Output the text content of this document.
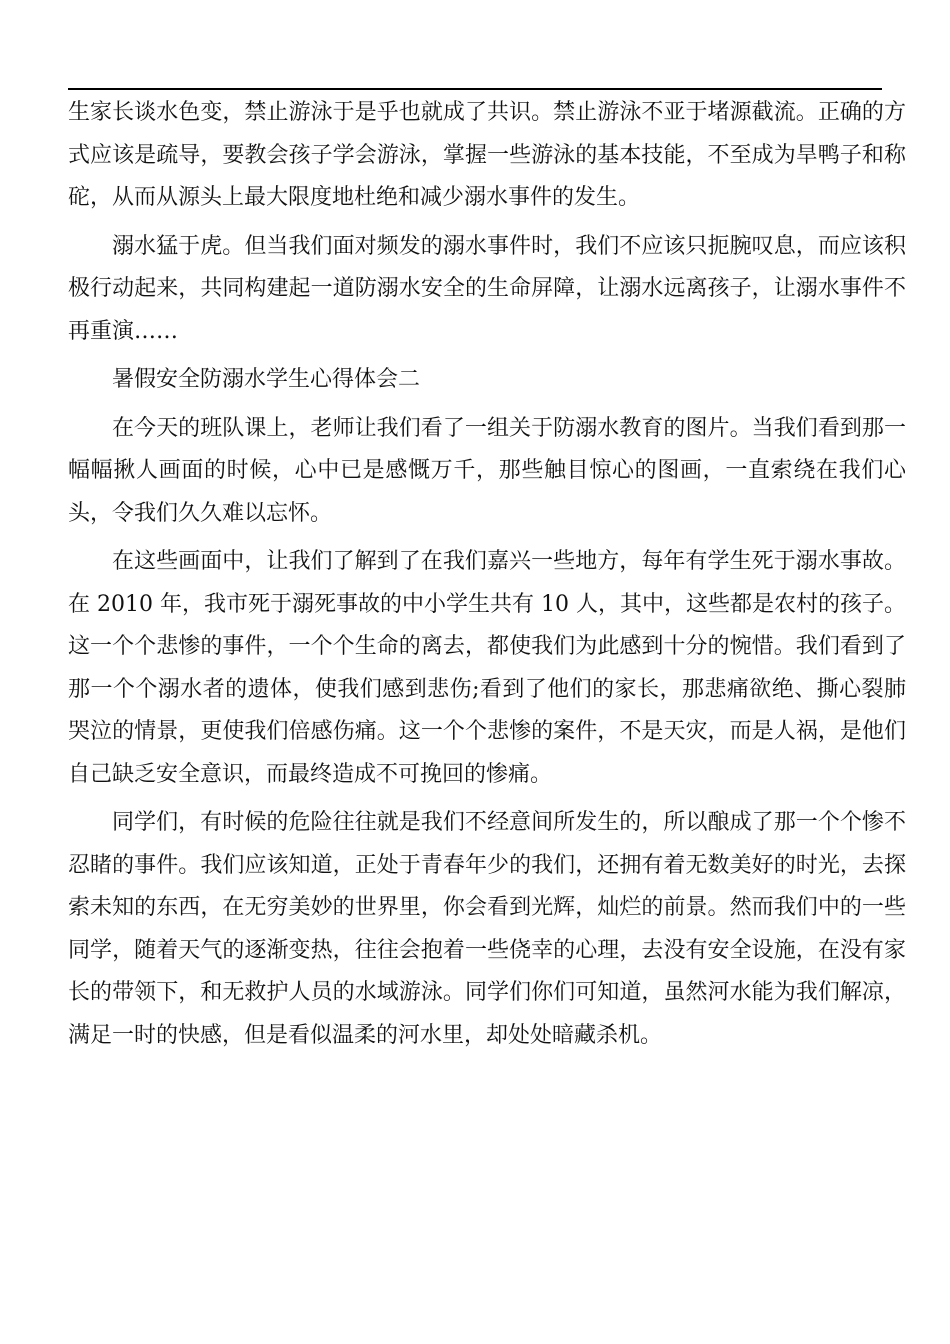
生家长谈水色变，禁止游泳于是乎也就成了共识。禁止游泳不亚于堵源截流。正确的方式应该是疏导，要教会孩子学会游泳，掌握一些游泳的基本技能，不至成为旱鸭子和称砣，从而从源头上最大限度地杜绝和减少溺水事件的发生。

溺水猛于虎。但当我们面对频发的溺水事件时，我们不应该只扼腕叹息，而应该积极行动起来，共同构建起一道防溺水安全的生命屏障，让溺水远离孩子，让溺水事件不再重演……

暑假安全防溺水学生心得体会二

在今天的班队课上，老师让我们看了一组关于防溺水教育的图片。当我们看到那一幅幅揪人画面的时候，心中已是感慨万千，那些触目惊心的图画，一直索绕在我们心头，令我们久久难以忘怀。

在这些画面中，让我们了解到了在我们嘉兴一些地方，每年有学生死于溺水事故。在 2010 年，我市死于溺死事故的中小学生共有 10 人，其中，这些都是农村的孩子。这一个个悲惨的事件，一个个生命的离去，都使我们为此感到十分的惋惜。我们看到了那一个个溺水者的遗体，使我们感到悲伤;看到了他们的家长，那悲痛欲绝、撕心裂肺哭泣的情景，更使我们倍感伤痛。这一个个悲惨的案件，不是天灾，而是人祸，是他们自己缺乏安全意识，而最终造成不可挽回的惨痛。

同学们，有时候的危险往往就是我们不经意间所发生的，所以酿成了那一个个惨不忍睹的事件。我们应该知道，正处于青春年少的我们，还拥有着无数美好的时光，去探索未知的东西，在无穷美妙的世界里，你会看到光辉，灿烂的前景。然而我们中的一些同学，随着天气的逐渐变热，往往会抱着一些侥幸的心理，去没有安全设施，在没有家长的带领下，和无救护人员的水域游泳。同学们你们可知道，虽然河水能为我们解凉，满足一时的快感，但是看似温柔的河水里，却处处暗藏杀机。
